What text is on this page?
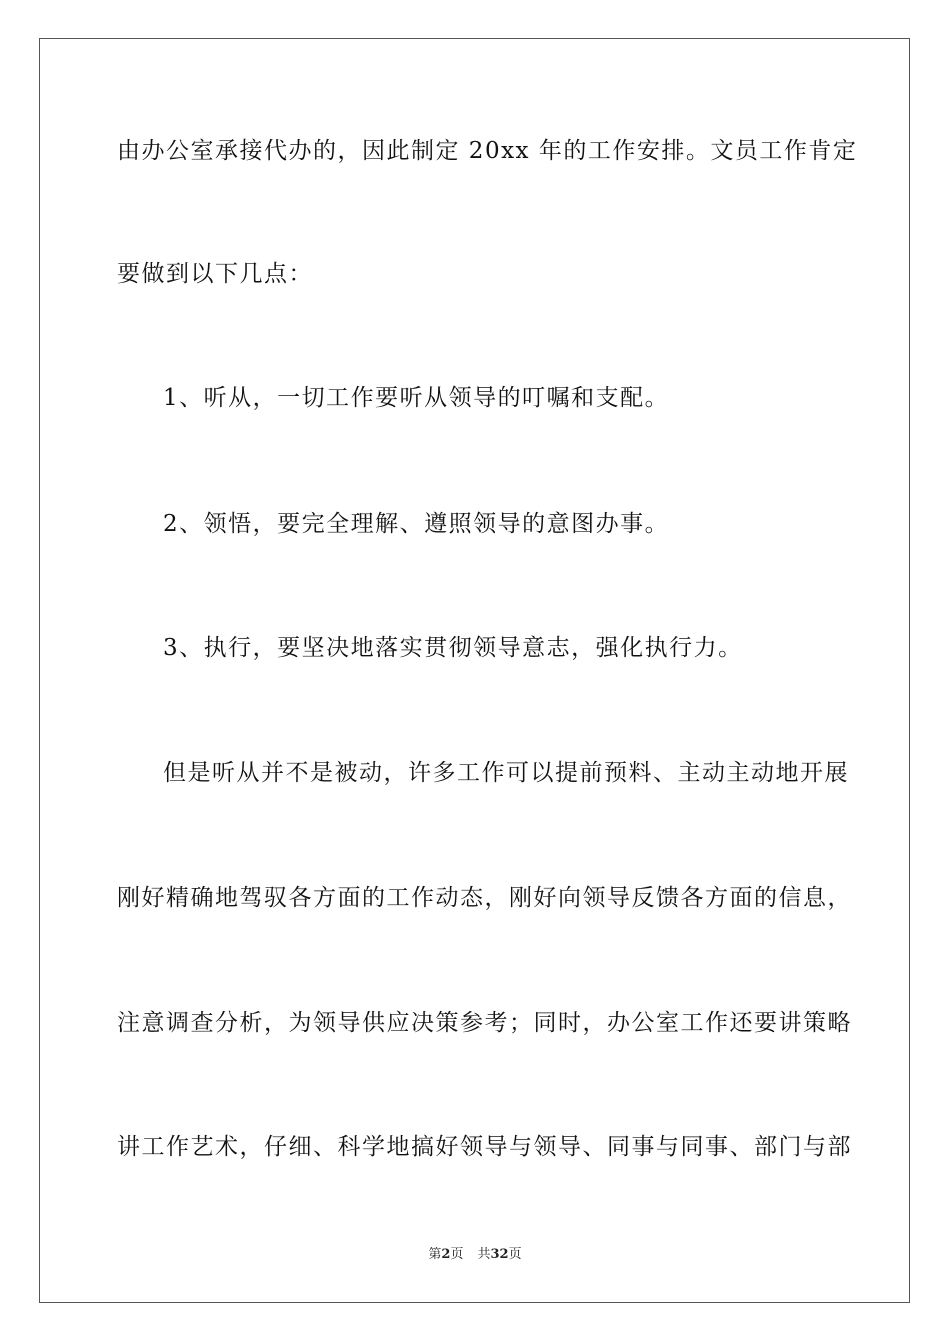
由办公室承接代办的，因此制定 20xx 年的工作安排。文员工作肯定
要做到以下几点：
1、听从，一切工作要听从领导的叮嘱和支配。
2、领悟，要完全理解、遵照领导的意图办事。
3、执行，要坚决地落实贯彻领导意志，强化执行力。
但是听从并不是被动，许多工作可以提前预料、主动主动地开展
刚好精确地驾驭各方面的工作动态，刚好向领导反馈各方面的信息，
注意调查分析，为领导供应决策参考；同时，办公室工作还要讲策略
讲工作艺术，仔细、科学地搞好领导与领导、同事与同事、部门与部
第2页 共32页
